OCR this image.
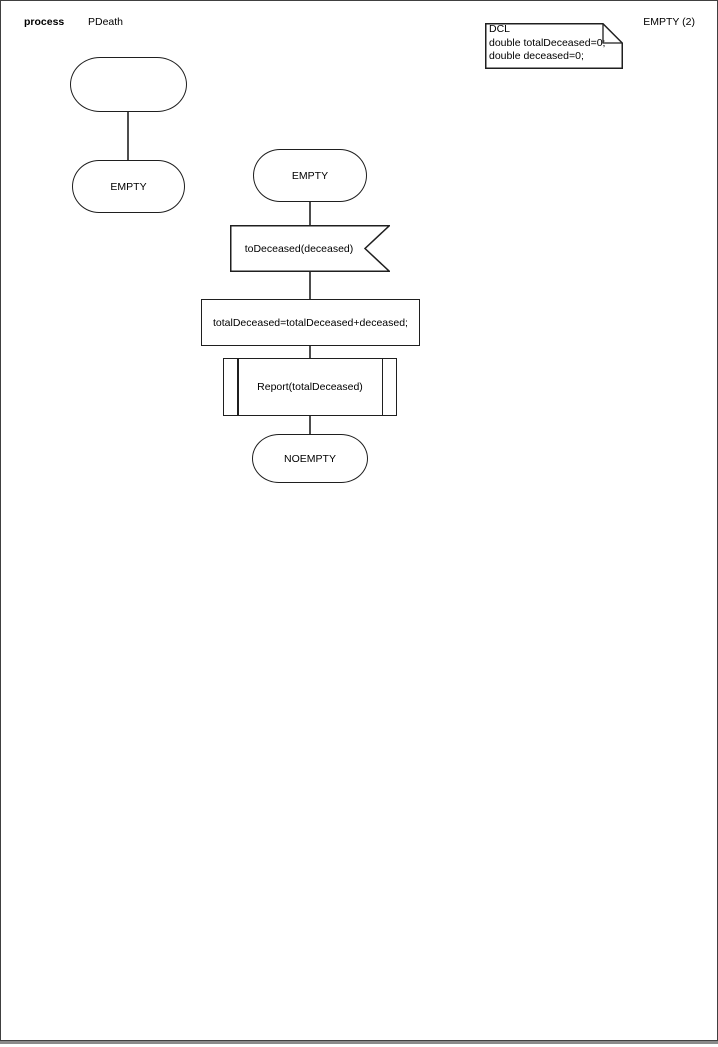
process PDeath	EMPTY (2)
DCL
double totalDeceased=0;
double deceased=0;
EMPTY
EMPTY
toDeceased(deceased)
totalDeceased=totalDeceased+deceased;
Report(totalDeceased)
NOEMPTY
